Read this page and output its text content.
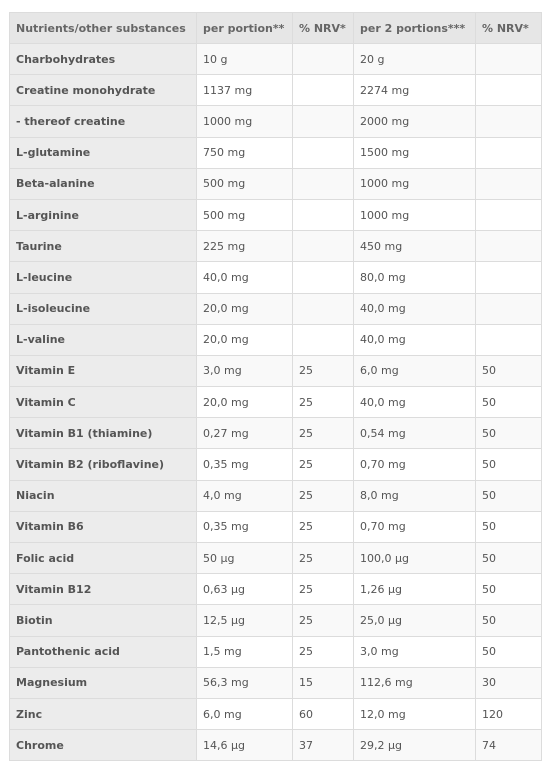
Nutrients/other substances	per portion**	% NRV*	per 2 portions***	% NRV*
Charbohydrates	10 g		20 g	
Creatine monohydrate	1137 mg		2274 mg	
- thereof creatine	1000 mg		2000 mg	
L-glutamine	750 mg		1500 mg	
Beta-alanine	500 mg		1000 mg	
L-arginine	500 mg		1000 mg	
Taurine	225 mg		450 mg	
L-leucine	40,0 mg		80,0 mg	
L-isoleucine	20,0 mg		40,0 mg	
L-valine	20,0 mg		40,0 mg	
Vitamin E	3,0 mg	25	6,0 mg	50
Vitamin C	20,0 mg	25	40,0 mg	50
Vitamin B1 (thiamine)	0,27 mg	25	0,54 mg	50
Vitamin B2 (riboflavine)	0,35 mg	25	0,70 mg	50
Niacin	4,0 mg	25	8,0 mg	50
Vitamin B6	0,35 mg	25	0,70 mg	50
Folic acid	50 µg	25	100,0 µg	50
Vitamin B12	0,63 µg	25	1,26 µg	50
Biotin	12,5 µg	25	25,0 µg	50
Pantothenic acid	1,5 mg	25	3,0 mg	50
Magnesium	56,3 mg	15	112,6 mg	30
Zinc	6,0 mg	60	12,0 mg	120
Chrome	14,6 µg	37	29,2 µg	74
